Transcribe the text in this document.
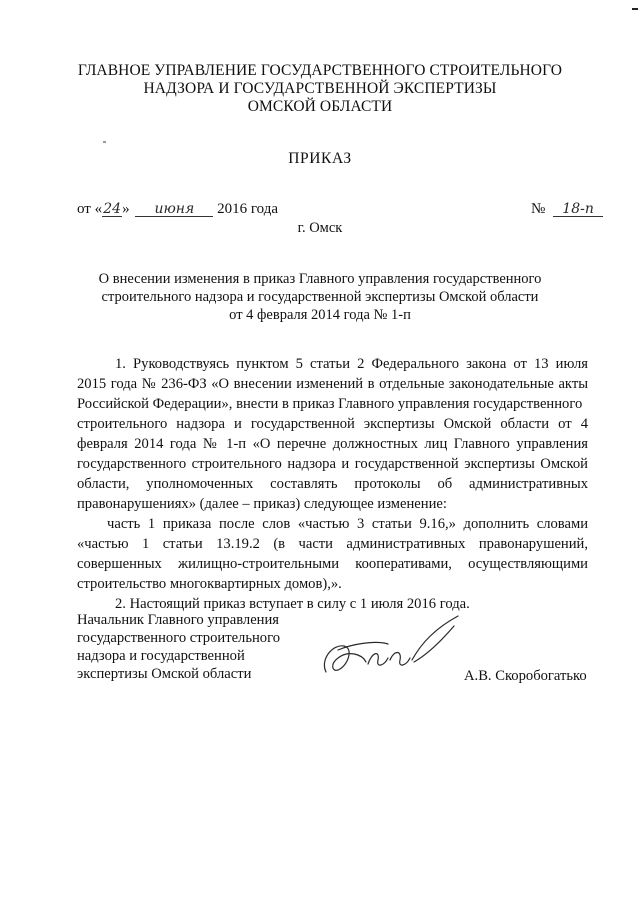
ГЛАВНОЕ УПРАВЛЕНИЕ ГОСУДАРСТВЕННОГО СТРОИТЕЛЬНОГО
НАДЗОРА И ГОСУДАРСТВЕННОЙ ЭКСПЕРТИЗЫ
ОМСКОЙ ОБЛАСТИ
ПРИКАЗ
от «24» июня 2016 года	№ 18-п
г. Омск
О внесении изменения в приказ Главного управления государственного
строительного надзора и государственной экспертизы Омской области
от 4 февраля 2014 года № 1-п
1. Руководствуясь пунктом 5 статьи 2 Федерального закона от 13 июля
2015 года № 236-ФЗ «О внесении изменений в отдельные законодательные акты
Российской Федерации», внести в приказ Главного управления государственного
строительного надзора и государственной экспертизы Омской области от 4
февраля 2014 года № 1-п «О перечне должностных лиц Главного управления
государственного строительного надзора и государственной экспертизы Омской
области, уполномоченных составлять протоколы об административных
правонарушениях» (далее – приказ) следующее изменение:
часть 1 приказа после слов «частью 3 статьи 9.16,» дополнить словами
«частью 1 статьи 13.19.2 (в части административных правонарушений,
совершенных жилищно-строительными кооперативами, осуществляющими
строительство многоквартирных домов),».
2. Настоящий приказ вступает в силу с 1 июля 2016 года.
Начальник Главного управления
государственного строительного
надзора и государственной
экспертизы Омской области	А.В. Скоробогатько
